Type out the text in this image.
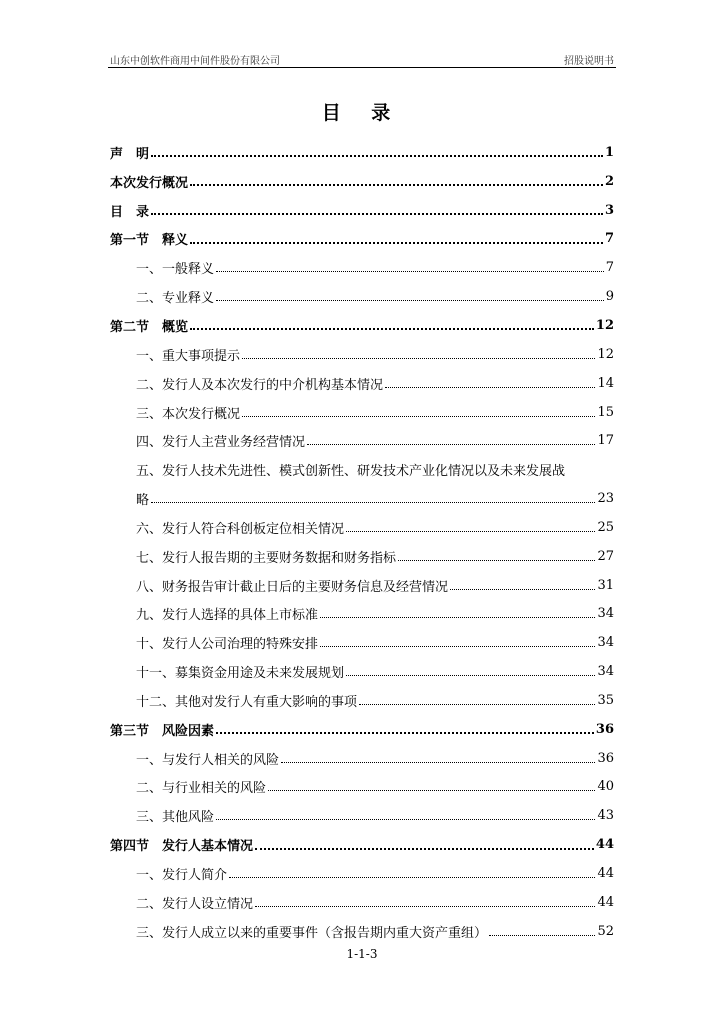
山东中创软件商用中间件股份有限公司	招股说明书
目 录
声　明	1
本次发行概况	2
目　录	3
第一节　释义	7
一、一般释义	7
二、专业释义	9
第二节　概览	12
一、重大事项提示	12
二、发行人及本次发行的中介机构基本情况	14
三、本次发行概况	15
四、发行人主营业务经营情况	17
五、发行人技术先进性、模式创新性、研发技术产业化情况以及未来发展战
略	23
六、发行人符合科创板定位相关情况	25
七、发行人报告期的主要财务数据和财务指标	27
八、财务报告审计截止日后的主要财务信息及经营情况	31
九、发行人选择的具体上市标准	34
十、发行人公司治理的特殊安排	34
十一、募集资金用途及未来发展规划	34
十二、其他对发行人有重大影响的事项	35
第三节　风险因素	36
一、与发行人相关的风险	36
二、与行业相关的风险	40
三、其他风险	43
第四节　发行人基本情况	44
一、发行人简介	44
二、发行人设立情况	44
三、发行人成立以来的重要事件（含报告期内重大资产重组）	52
1-1-3
